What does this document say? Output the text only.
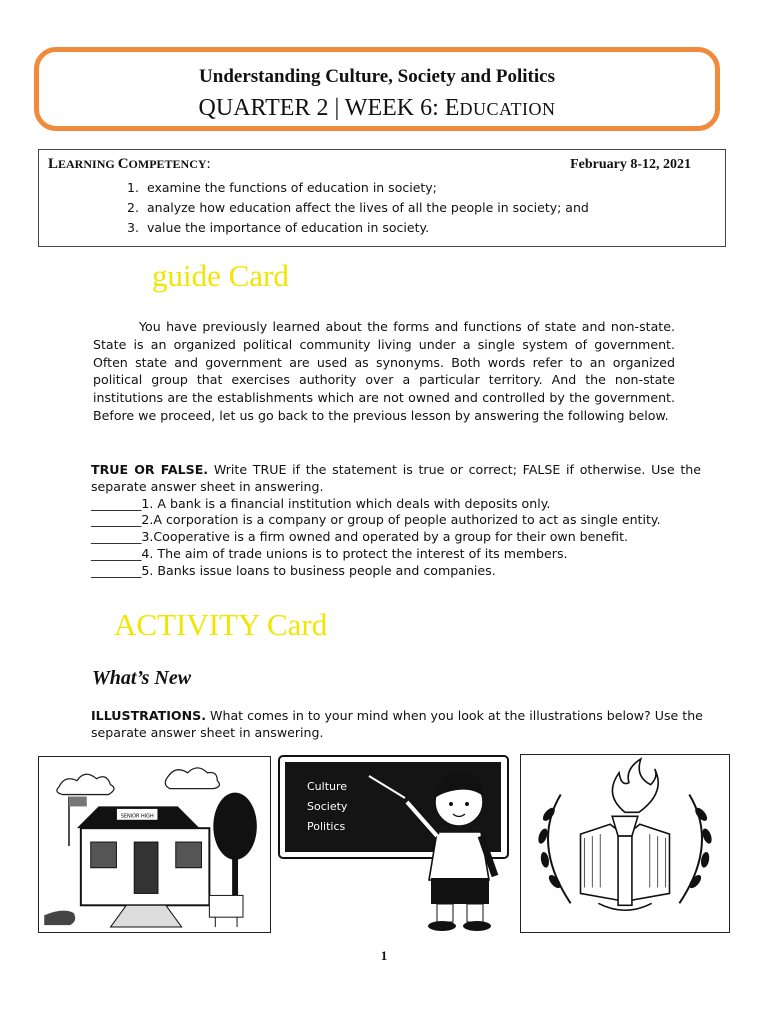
Understanding Culture, Society and Politics
QUARTER 2 | WEEK 6: EDUCATION
LEARNING COMPETENCY:	February 8-12, 2021
1. examine the functions of education in society;
2. analyze how education affect the lives of all the people in society; and
3. value the importance of education in society.
guide Card

You have previously learned about the forms and functions of state and non-state. State is an organized political community living under a single system of government. Often state and government are used as synonyms. Both words refer to an organized political group that exercises authority over a particular territory. And the non-state institutions are the establishments which are not owned and controlled by the government. Before we proceed, let us go back to the previous lesson by answering the following below.

TRUE OR FALSE. Write TRUE if the statement is true or correct; FALSE if otherwise. Use the separate answer sheet in answering.
________1. A bank is a financial institution which deals with deposits only.
________2.A corporation is a company or group of people authorized to act as single entity.
________3.Cooperative is a firm owned and operated by a group for their own benefit.
________4. The aim of trade unions is to protect the interest of its members.
________5. Banks issue loans to business people and companies.
ACTIVITY Card
What’s New
ILLUSTRATIONS. What comes in to your mind when you look at the illustrations below? Use the separate answer sheet in answering.
SENIOR HIGH
Culture
Society
Politics
1
